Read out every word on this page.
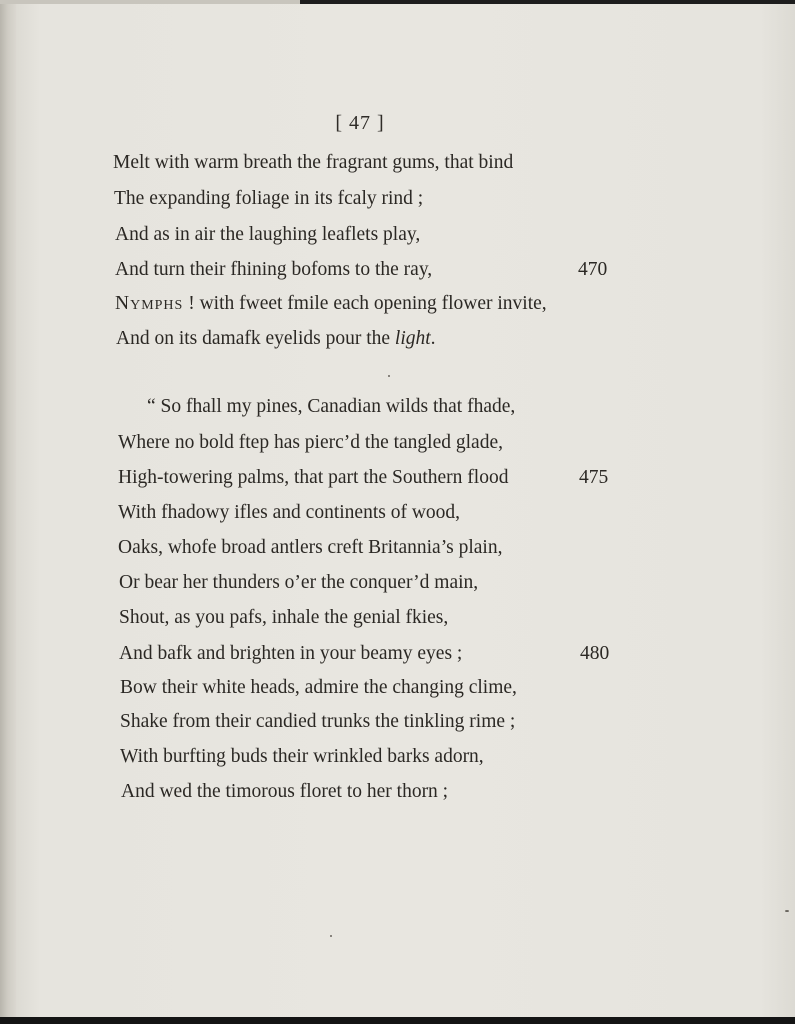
[ 47 ]
Melt with warm breath the fragrant gums, that bind
The expanding foliage in its fcaly rind ;
And as in air the laughing leaflets play,
And turn their fhining bofoms to the ray,	470
Nymphs ! with fweet fmile each opening flower invite,
And on its damafk eyelids pour the light.
“ So fhall my pines, Canadian wilds that fhade,
Where no bold ftep has pierc’d the tangled glade,
High-towering palms, that part the Southern flood	475
With fhadowy ifles and continents of wood,
Oaks, whofe broad antlers creft Britannia’s plain,
Or bear her thunders o’er the conquer’d main,
Shout, as you pafs, inhale the genial fkies,
And bafk and brighten in your beamy eyes ;	480
Bow their white heads, admire the changing clime,
Shake from their candied trunks the tinkling rime ;
With burfting buds their wrinkled barks adorn,
And wed the timorous floret to her thorn ;
